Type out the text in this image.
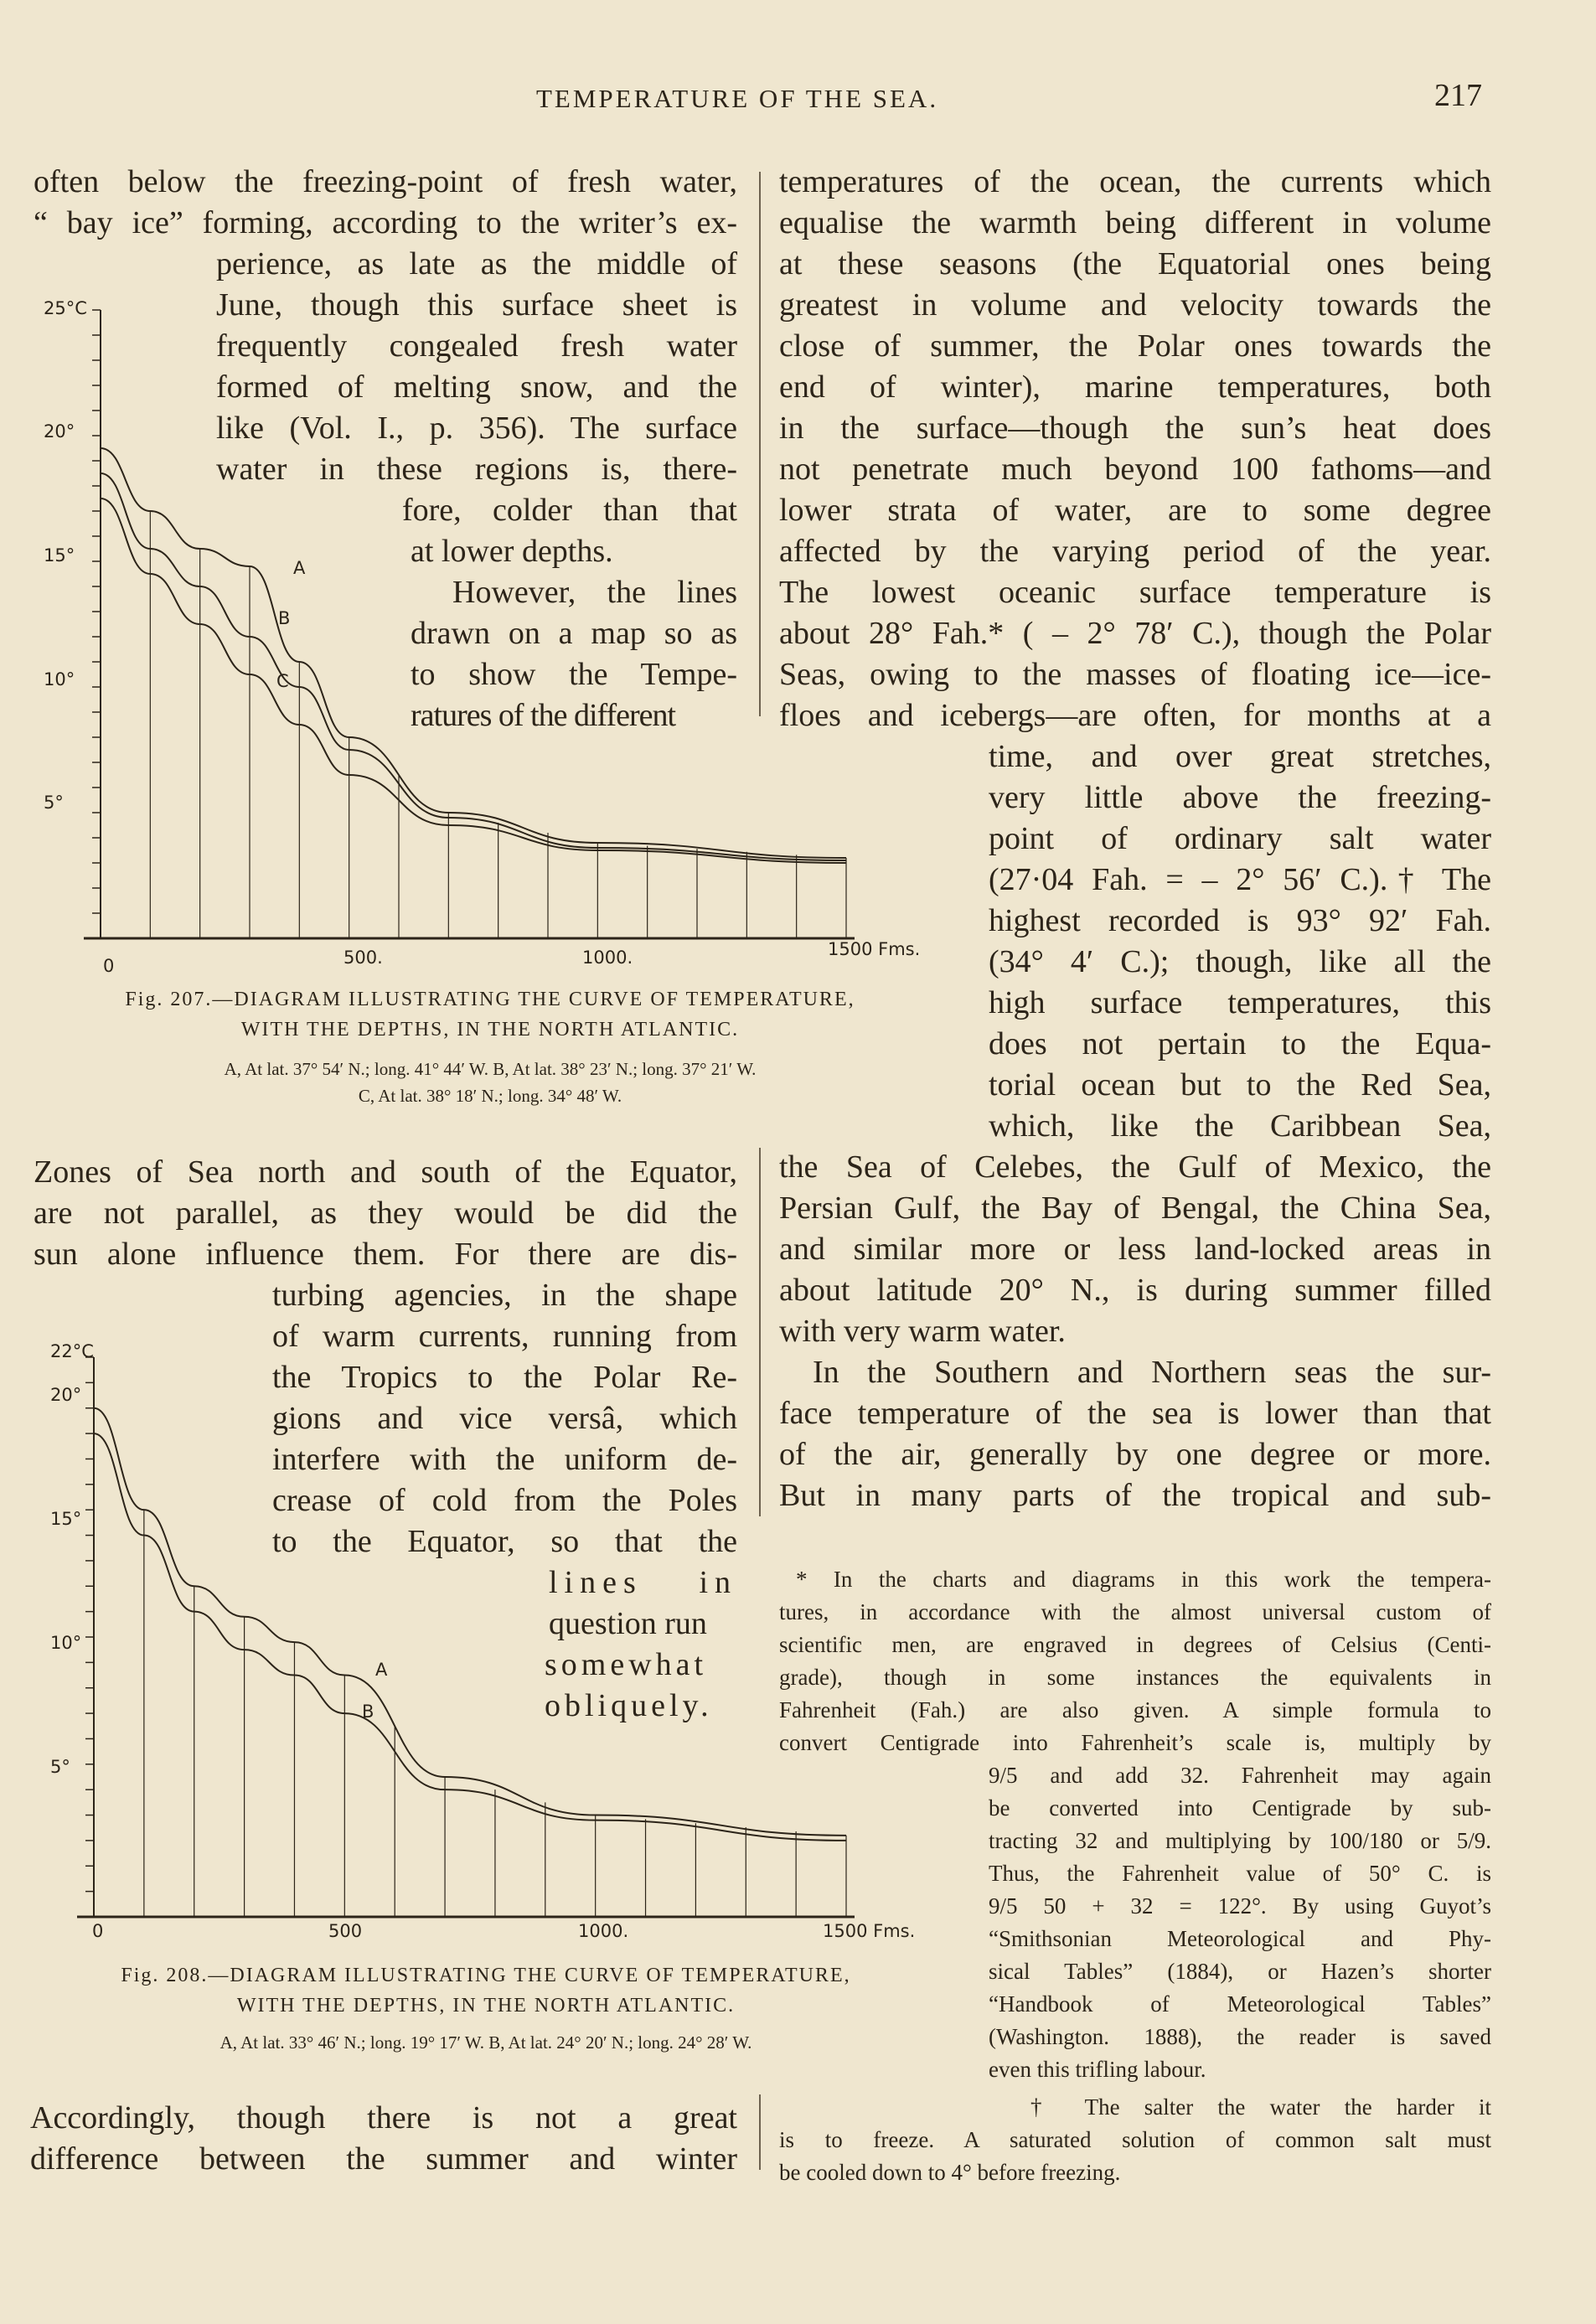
TEMPERATURE OF THE SEA.	217
often below the freezing-point of fresh water,
“ bay ice” forming, according to the writer’s ex-
perience, as late as the middle of
June, though this surface sheet is
frequently congealed fresh water
formed of melting snow, and the
like (Vol. I., p. 356). The surface
water in these regions is, there-
fore, colder than that
at lower depths.
However, the lines
drawn on a map so as
to show the Tempe-
ratures of the different
temperatures of the ocean, the currents which
equalise the warmth being different in volume
at these seasons (the Equatorial ones being
greatest in volume and velocity towards the
close of summer, the Polar ones towards the
end of winter), marine temperatures, both
in the surface—though the sun’s heat does
not penetrate much beyond 100 fathoms—and
lower strata of water, are to some degree
affected by the varying period of the year.
The lowest oceanic surface temperature is
about 28° Fah.* ( – 2° 78′ C.), though the Polar
Seas, owing to the masses of floating ice—ice-
floes and icebergs—are often, for months at a
time, and over great stretches,
very little above the freezing-
point of ordinary salt water
(27·04 Fah. = – 2° 56′ C.).† The
highest recorded is 93° 92′ Fah.
(34° 4′ C.); though, like all the
high surface temperatures, this
does not pertain to the Equa-
torial ocean but to the Red Sea,
which, like the Caribbean Sea,
25°C
20°
15°
10°
5°
0	500.	1000.	1500 Fms.
A
B
C
Fig. 207.—DIAGRAM ILLUSTRATING THE CURVE OF TEMPERATURE,
WITH THE DEPTHS, IN THE NORTH ATLANTIC.
A, At lat. 37° 54′ N.; long. 41° 44′ W. B, At lat. 38° 23′ N.; long. 37° 21′ W.
C, At lat. 38° 18′ N.; long. 34° 48′ W.
the Sea of Celebes, the Gulf of Mexico, the
Persian Gulf, the Bay of Bengal, the China Sea,
and similar more or less land-locked areas in
about latitude 20° N., is during summer filled
with very warm water.
In the Southern and Northern seas the sur-
face temperature of the sea is lower than that
of the air, generally by one degree or more.
But in many parts of the tropical and sub-
Zones of Sea north and south of the Equator,
are not parallel, as they would be did the
sun alone influence them. For there are dis-
turbing agencies, in the shape
of warm currents, running from
the Tropics to the Polar Re-
gions and vice versâ, which
interfere with the uniform de-
crease of cold from the Poles
to the Equator, so that the
lines in
question run
somewhat
obliquely.
22°C
20°
15°
10°
5°
0	500	1000.	1500 Fms.
A
B
Fig. 208.—DIAGRAM ILLUSTRATING THE CURVE OF TEMPERATURE,
WITH THE DEPTHS, IN THE NORTH ATLANTIC.
A, At lat. 33° 46′ N.; long. 19° 17′ W. B, At lat. 24° 20′ N.; long. 24° 28′ W.
Accordingly, though there is not a great
difference between the summer and winter
* In the charts and diagrams in this work the tempera-
tures, in accordance with the almost universal custom of
scientific men, are engraved in degrees of Celsius (Centi-
grade), though in some instances the equivalents in
Fahrenheit (Fah.) are also given. A simple formula to
convert Centigrade into Fahrenheit’s scale is, multiply by
9/5 and add 32. Fahrenheit may again
be converted into Centigrade by sub-
tracting 32 and multiplying by 100/180 or 5/9.
Thus, the Fahrenheit value of 50° C. is
9/5 50 + 32 = 122°. By using Guyot’s
“Smithsonian Meteorological and Phy-
sical Tables” (1884), or Hazen’s shorter
“Handbook of Meteorological Tables”
(Washington. 1888), the reader is saved
even this trifling labour.
† The salter the water the harder it
is to freeze. A saturated solution of common salt must
be cooled down to 4° before freezing.
